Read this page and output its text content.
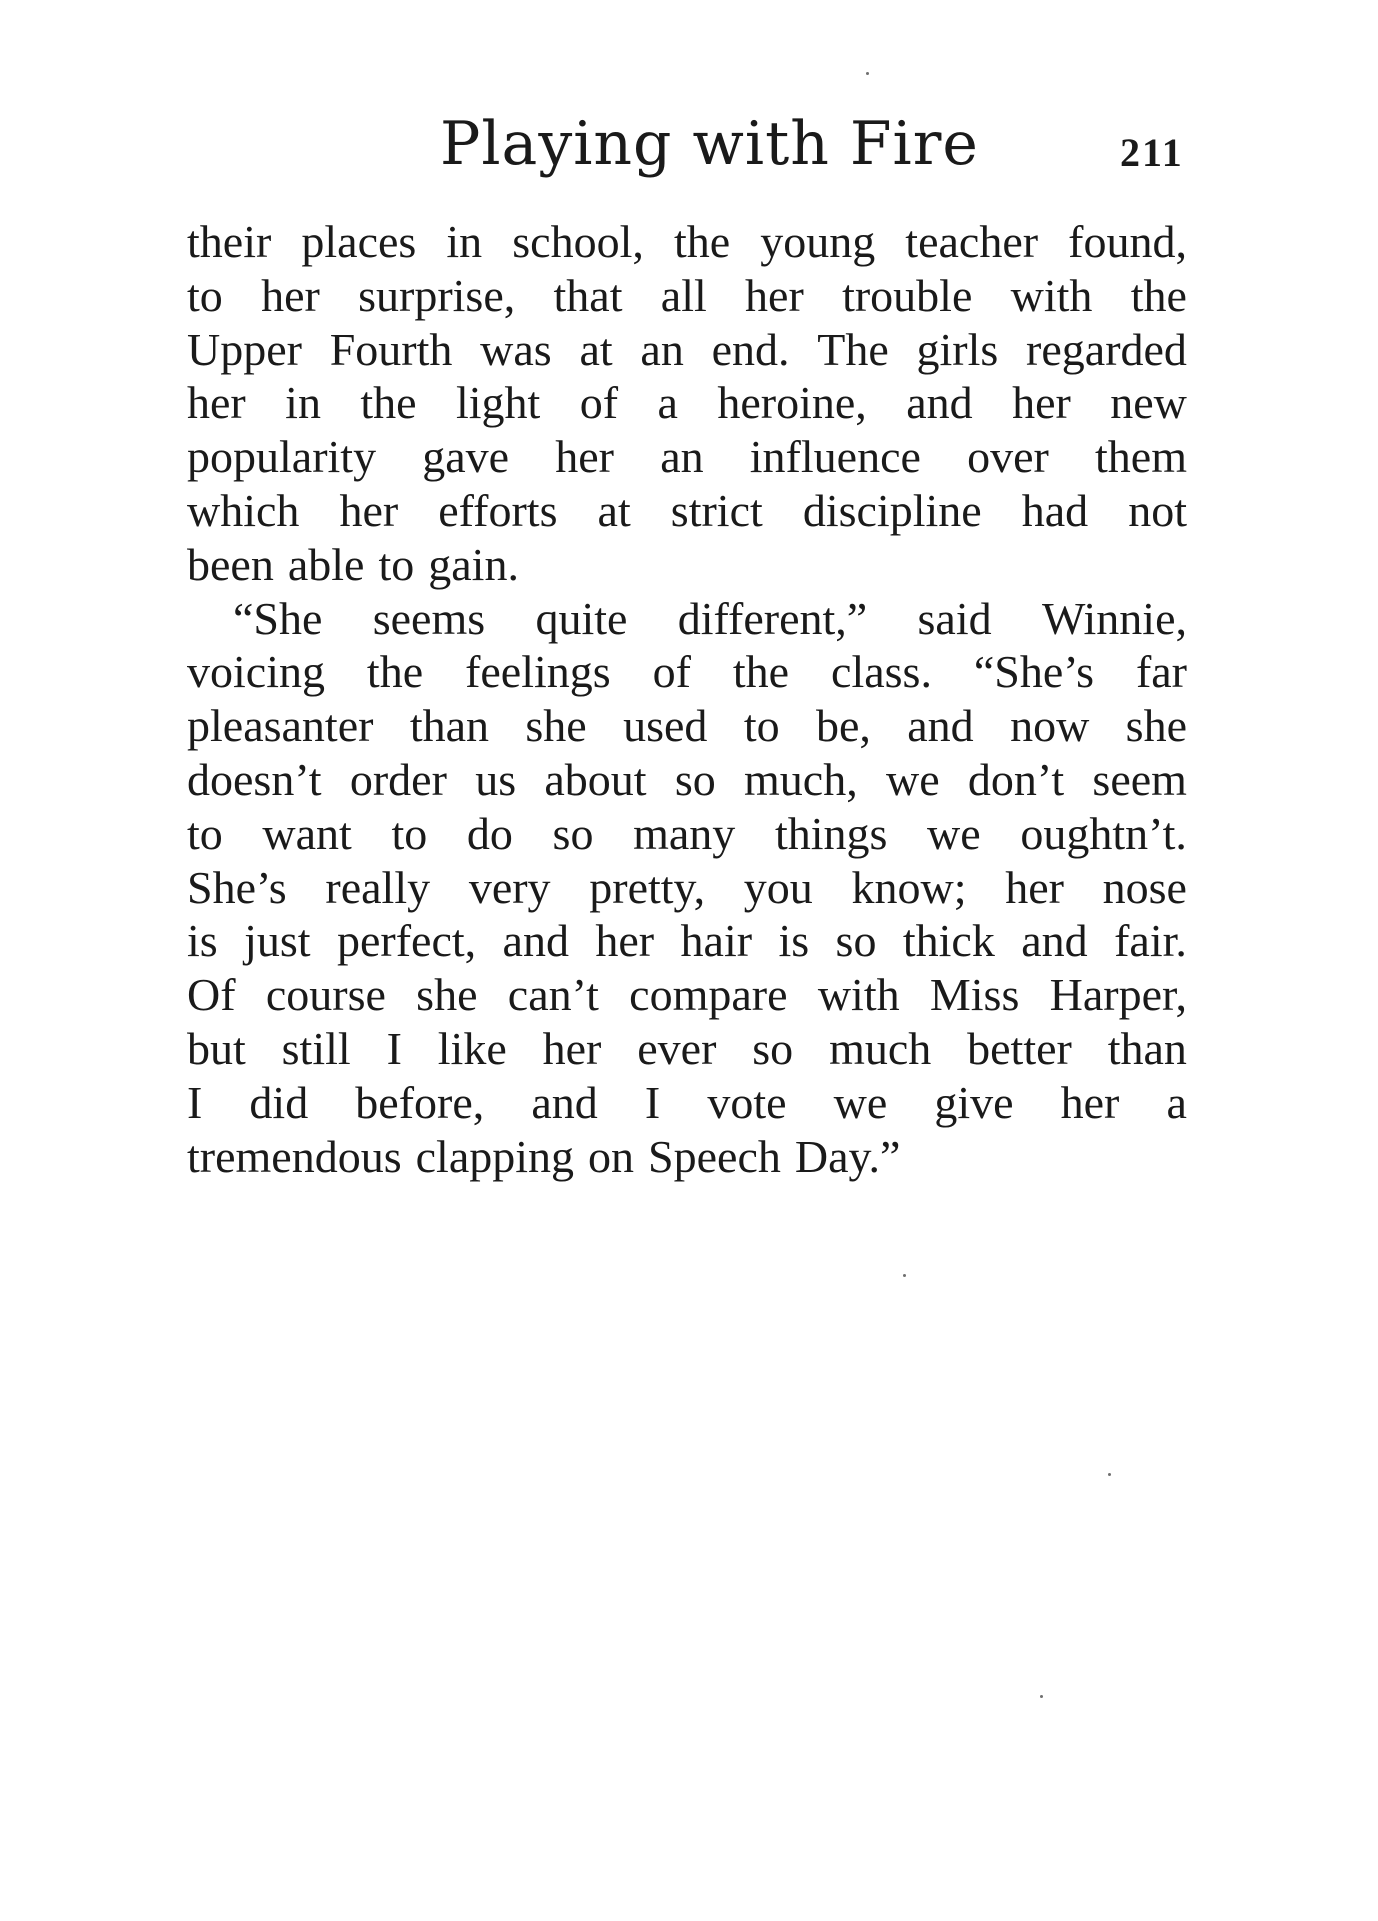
Playing with Fire	211
their places in school, the young teacher found,
to her surprise, that all her trouble with the
Upper Fourth was at an end. The girls regarded
her in the light of a heroine, and her new
popularity gave her an influence over them
which her efforts at strict discipline had not
been able to gain.
“She seems quite different,” said Winnie,
voicing the feelings of the class. “She’s far
pleasanter than she used to be, and now she
doesn’t order us about so much, we don’t seem
to want to do so many things we oughtn’t.
She’s really very pretty, you know; her nose
is just perfect, and her hair is so thick and fair.
Of course she can’t compare with Miss Harper,
but still I like her ever so much better than
I did before, and I vote we give her a
tremendous clapping on Speech Day.”
